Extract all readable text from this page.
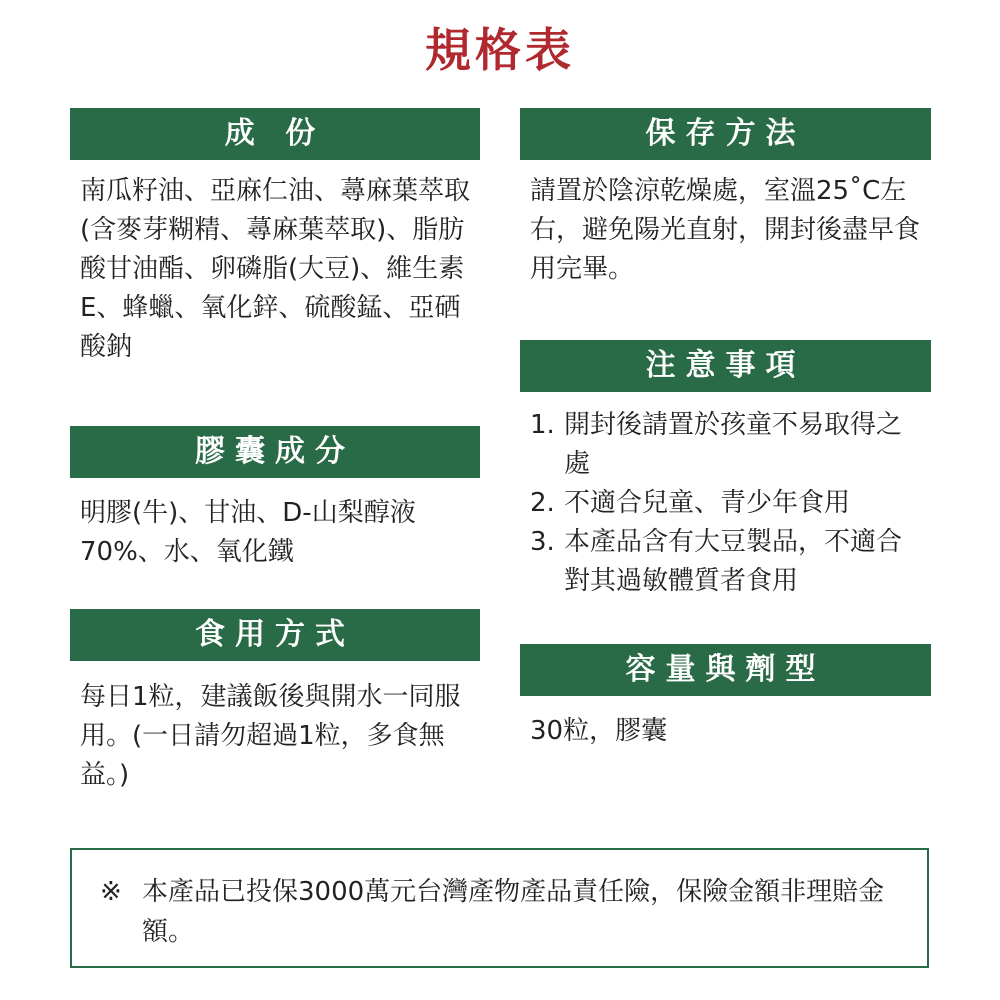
規格表
成 份
南瓜籽油、亞麻仁油、蕁麻葉萃取(含麥芽糊精、蕁麻葉萃取)、脂肪酸甘油酯、卵磷脂(大豆)、維生素E、蜂蠟、氧化鋅、硫酸錳、亞硒酸鈉
膠囊成分
明膠(牛)、甘油、D-山梨醇液70%、水、氧化鐵
食用方式
每日1粒，建議飯後與開水一同服用。(一日請勿超過1粒，多食無益。)
保存方法
請置於陰涼乾燥處，室溫25˚C左右，避免陽光直射，開封後盡早食用完畢。
注意事項
1. 開封後請置於孩童不易取得之處
2. 不適合兒童、青少年食用
3. 本產品含有大豆製品，不適合對其過敏體質者食用
容量與劑型
30粒，膠囊
※ 本產品已投保3000萬元台灣產物產品責任險，保險金額非理賠金額。
